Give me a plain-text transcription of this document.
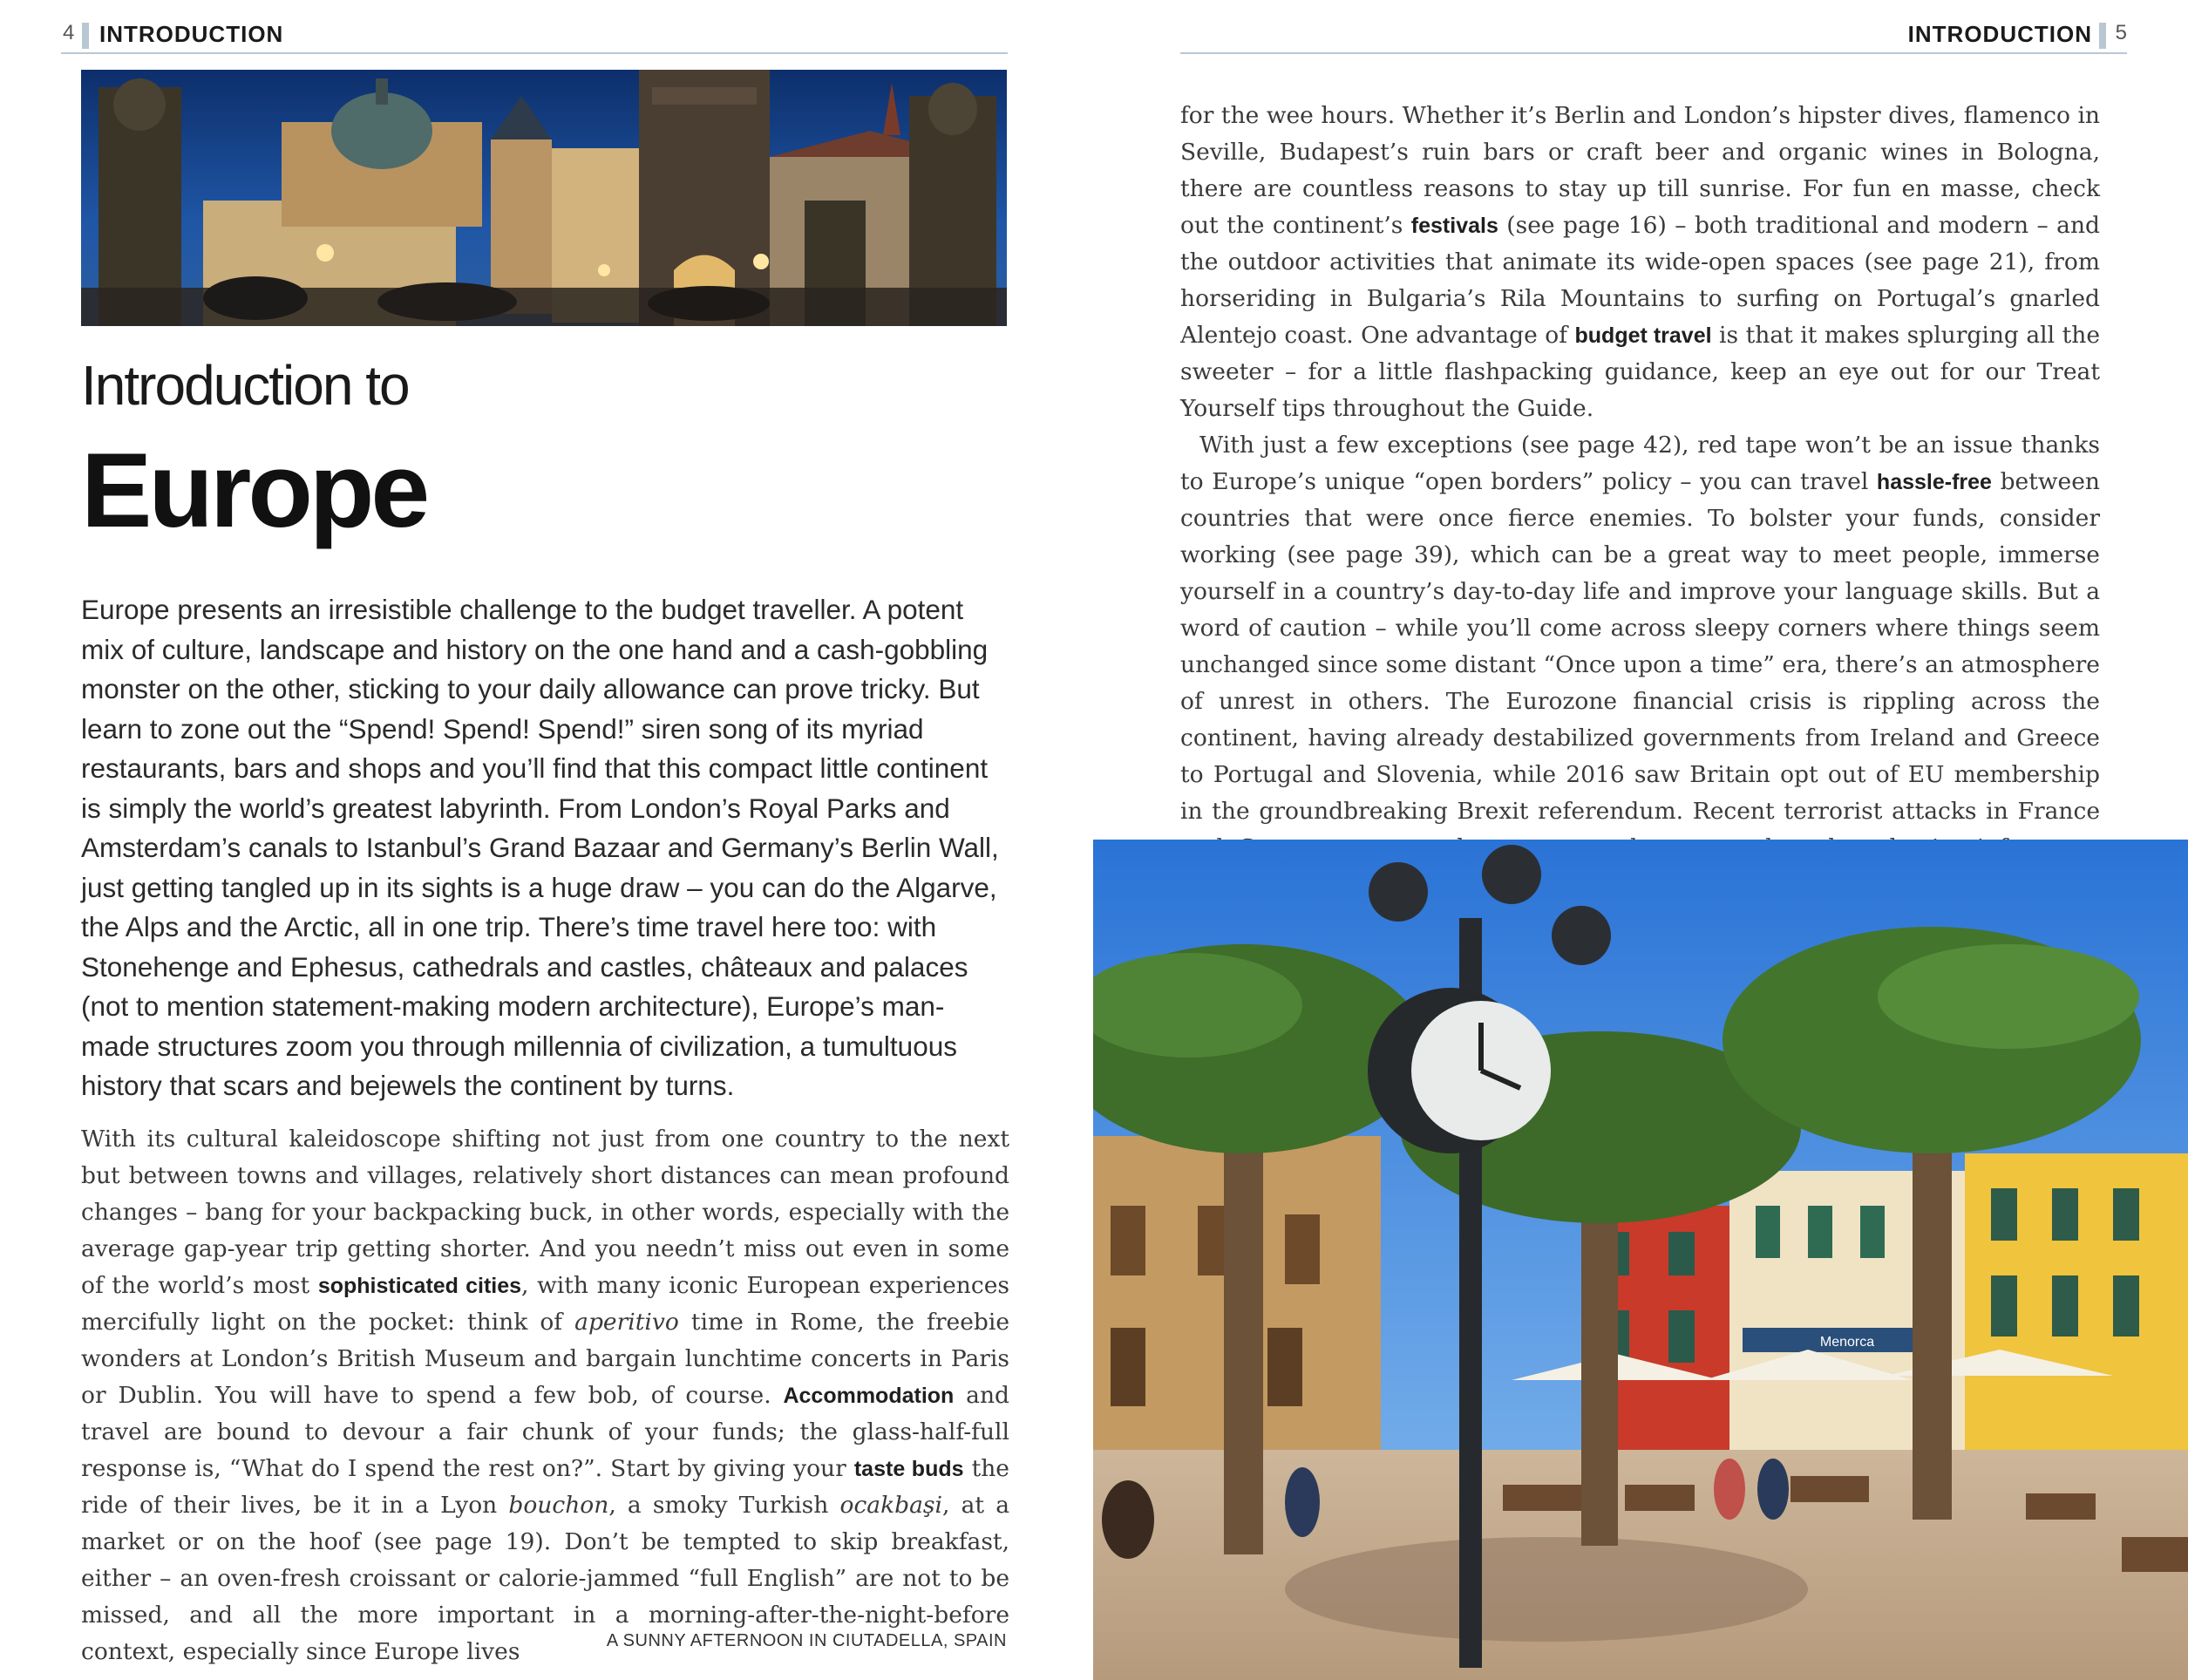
4 INTRODUCTION	INTRODUCTION 5
Introduction to
Europe
Europe presents an irresistible challenge to the budget traveller. A potent mix of culture, landscape and history on the one hand and a cash-gobbling monster on the other, sticking to your daily allowance can prove tricky. But learn to zone out the “Spend! Spend! Spend!” siren song of its myriad restaurants, bars and shops and you’ll find that this compact little continent is simply the world’s greatest labyrinth. From London’s Royal Parks and Amsterdam’s canals to Istanbul’s Grand Bazaar and Germany’s Berlin Wall, just getting tangled up in its sights is a huge draw – you can do the Algarve, the Alps and the Arctic, all in one trip. There’s time travel here too: with Stonehenge and Ephesus, cathedrals and castles, châteaux and palaces (not to mention statement-making modern architecture), Europe’s man-made structures zoom you through millennia of civilization, a tumultuous history that scars and bejewels the continent by turns.

With its cultural kaleidoscope shifting not just from one country to the next but between towns and villages, relatively short distances can mean profound changes – bang for your backpacking buck, in other words, especially with the average gap-year trip getting shorter. And you needn’t miss out even in some of the world’s most sophisticated cities, with many iconic European experiences mercifully light on the pocket: think of aperitivo time in Rome, the freebie wonders at London’s British Museum and bargain lunchtime concerts in Paris or Dublin. You will have to spend a few bob, of course. Accommodation and travel are bound to devour a fair chunk of your funds; the glass-half-full response is, “What do I spend the rest on?”. Start by giving your taste buds the ride of their lives, be it in a Lyon bouchon, a smoky Turkish ocakbaşi, at a market or on the hoof (see page 19). Don’t be tempted to skip breakfast, either – an oven-fresh croissant or calorie-jammed “full English” are not to be missed, and all the more important in a morning-after-the-night-before context, especially since Europe lives	A SUNNY AFTERNOON IN CIUTADELLA, SPAIN

for the wee hours. Whether it’s Berlin and London’s hipster dives, flamenco in Seville, Budapest’s ruin bars or craft beer and organic wines in Bologna, there are countless reasons to stay up till sunrise. For fun en masse, check out the continent’s festivals (see page 16) – both traditional and modern – and the outdoor activities that animate its wide-open spaces (see page 21), from horseriding in Bulgaria’s Rila Mountains to surfing on Portugal’s gnarled Alentejo coast. One advantage of budget travel is that it makes splurging all the sweeter – for a little flashpacking guidance, keep an eye out for our Treat Yourself tips throughout the Guide.

With just a few exceptions (see page 42), red tape won’t be an issue thanks to Europe’s unique “open borders” policy – you can travel hassle-free between countries that were once fierce enemies. To bolster your funds, consider working (see page 39), which can be a great way to meet people, immerse yourself in a country’s day-to-day life and improve your language skills. But a word of caution – while you’ll come across sleepy corners where things seem unchanged since some distant “Once upon a time” era, there’s an atmosphere of unrest in others. The Eurozone financial crisis is rippling across the continent, having already destabilized governments from Ireland and Greece to Portugal and Slovenia, while 2016 saw Britain opt out of EU membership in the groundbreaking Brexit referendum. Recent terrorist attacks in France

Menorca
